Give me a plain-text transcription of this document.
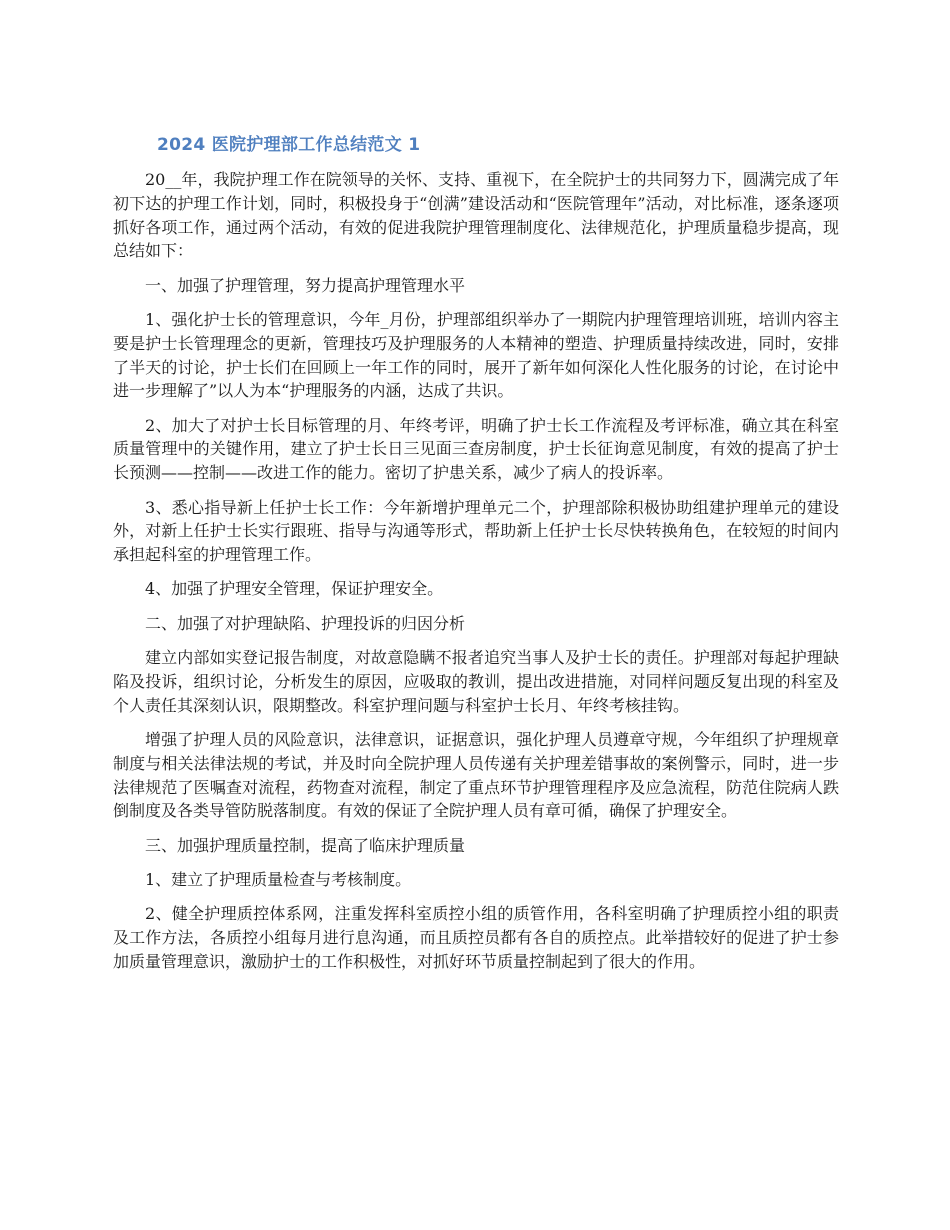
2024 医院护理部工作总结范文 1

20__年，我院护理工作在院领导的关怀、支持、重视下，在全院护士的共同努力下，圆满完成了年初下达的护理工作计划，同时，积极投身于“创满”建设活动和“医院管理年”活动，对比标准，逐条逐项抓好各项工作，通过两个活动，有效的促进我院护理管理制度化、法律规范化，护理质量稳步提高，现总结如下：

一、加强了护理管理，努力提高护理管理水平

1、强化护士长的管理意识，今年_月份，护理部组织举办了一期院内护理管理培训班，培训内容主要是护士长管理理念的更新，管理技巧及护理服务的人本精神的塑造、护理质量持续改进，同时，安排了半天的讨论，护士长们在回顾上一年工作的同时，展开了新年如何深化人性化服务的讨论，在讨论中进一步理解了”以人为本“护理服务的内涵，达成了共识。

2、加大了对护士长目标管理的月、年终考评，明确了护士长工作流程及考评标准，确立其在科室质量管理中的关键作用，建立了护士长日三见面三查房制度，护士长征询意见制度，有效的提高了护士长预测——控制——改进工作的能力。密切了护患关系，减少了病人的投诉率。

3、悉心指导新上任护士长工作：今年新增护理单元二个，护理部除积极协助组建护理单元的建设外，对新上任护士长实行跟班、指导与沟通等形式，帮助新上任护士长尽快转换角色，在较短的时间内承担起科室的护理管理工作。

4、加强了护理安全管理，保证护理安全。

二、加强了对护理缺陷、护理投诉的归因分析

建立内部如实登记报告制度，对故意隐瞒不报者追究当事人及护士长的责任。护理部对每起护理缺陷及投诉，组织讨论，分析发生的原因，应吸取的教训，提出改进措施，对同样问题反复出现的科室及个人责任其深刻认识，限期整改。科室护理问题与科室护士长月、年终考核挂钩。

增强了护理人员的风险意识，法律意识，证据意识，强化护理人员遵章守规，今年组织了护理规章制度与相关法律法规的考试，并及时向全院护理人员传递有关护理差错事故的案例警示，同时，进一步法律规范了医嘱查对流程，药物查对流程，制定了重点环节护理管理程序及应急流程，防范住院病人跌倒制度及各类导管防脱落制度。有效的保证了全院护理人员有章可循，确保了护理安全。

三、加强护理质量控制，提高了临床护理质量

1、建立了护理质量检查与考核制度。

2、健全护理质控体系网，注重发挥科室质控小组的质管作用，各科室明确了护理质控小组的职责及工作方法，各质控小组每月进行息沟通，而且质控员都有各自的质控点。此举措较好的促进了护士参加质量管理意识，激励护士的工作积极性，对抓好环节质量控制起到了很大的作用。
